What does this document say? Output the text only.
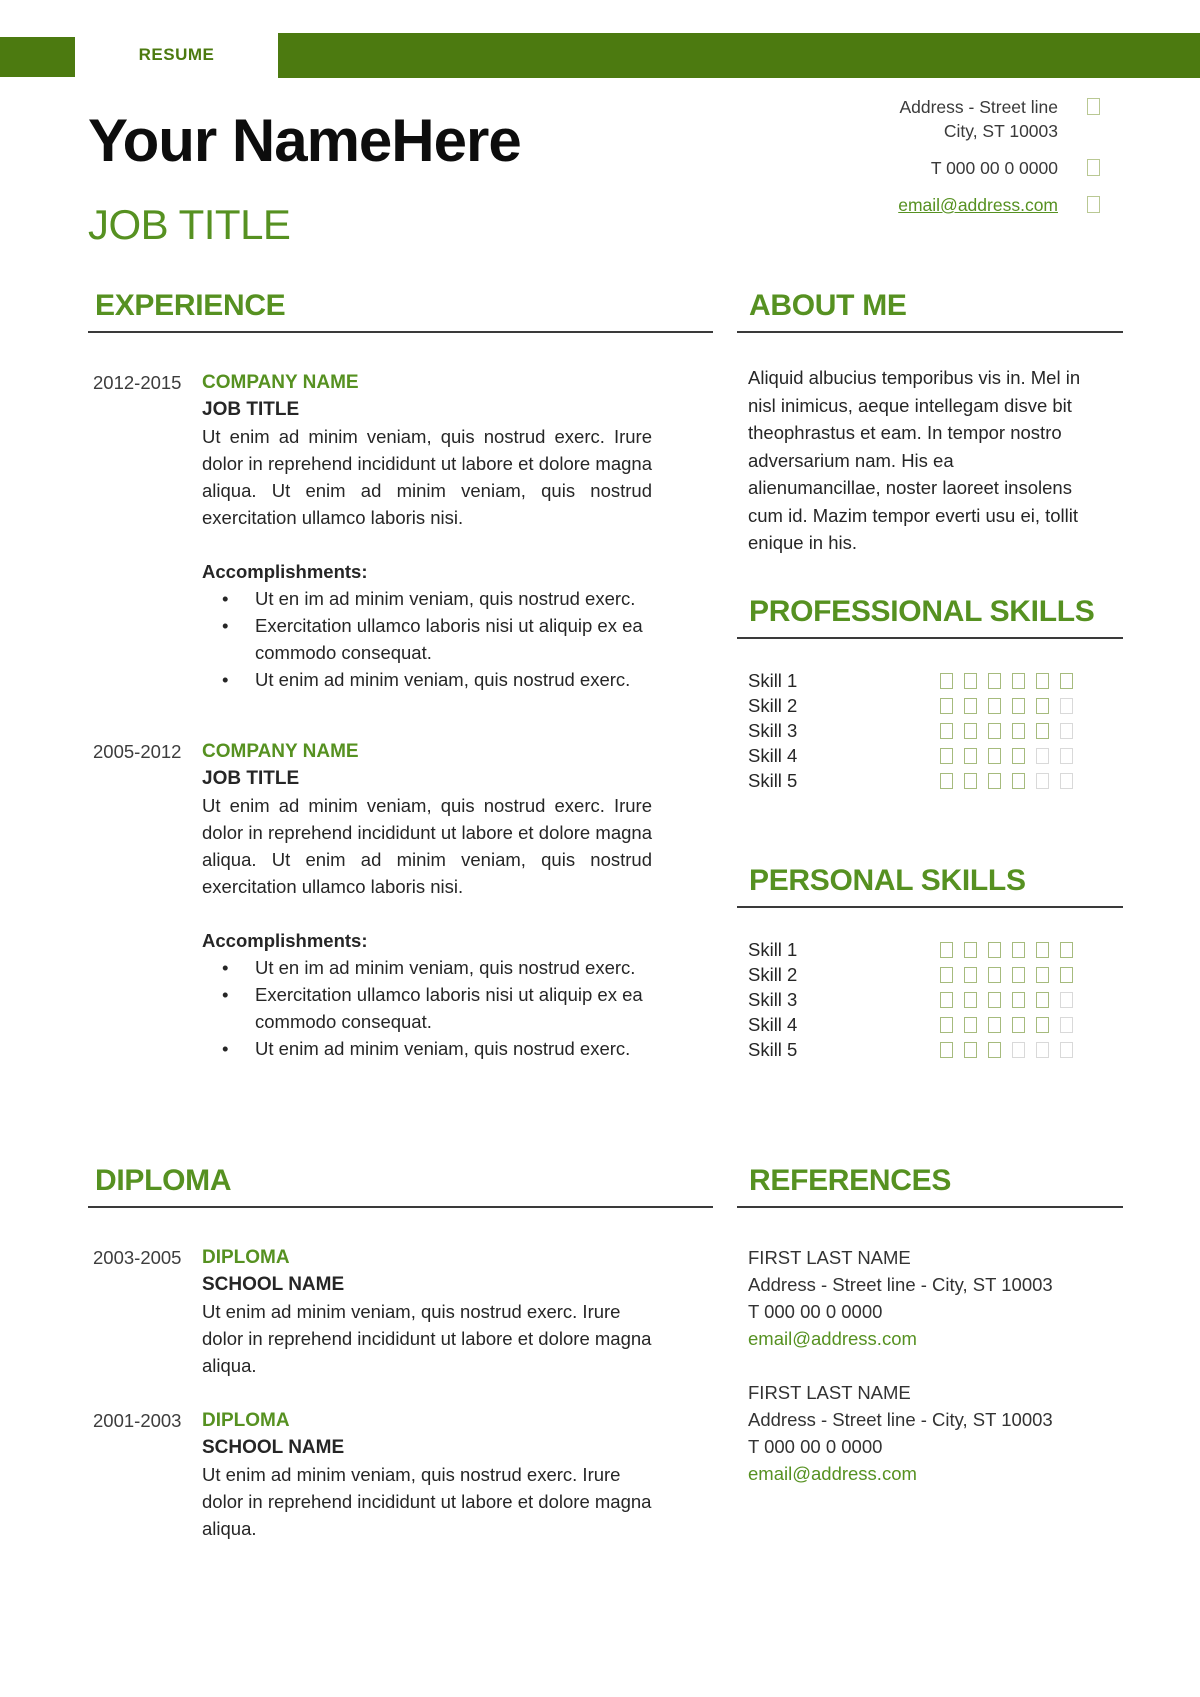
RESUME
Your NameHere
JOB TITLE
Address - Street line
City, ST 10003
T 000 00 0 0000
email@address.com
EXPERIENCE
2012-2015	COMPANY NAME
JOB TITLE

Ut enim ad minim veniam, quis nostrud exerc. Irure dolor in reprehend incididunt ut labore et dolore magna aliqua. Ut enim ad minim veniam, quis nostrud exercitation ullamco laboris nisi.

Accomplishments:
• Ut en im ad minim veniam, quis nostrud exerc.
• Exercitation ullamco laboris nisi ut aliquip ex ea commodo consequat.
• Ut enim ad minim veniam, quis nostrud exerc.
2005-2012	COMPANY NAME
JOB TITLE

Ut enim ad minim veniam, quis nostrud exerc. Irure dolor in reprehend incididunt ut labore et dolore magna aliqua. Ut enim ad minim veniam, quis nostrud exercitation ullamco laboris nisi.

Accomplishments:
• Ut en im ad minim veniam, quis nostrud exerc.
• Exercitation ullamco laboris nisi ut aliquip ex ea commodo consequat.
• Ut enim ad minim veniam, quis nostrud exerc.
ABOUT ME

Aliquid albucius temporibus vis in. Mel in nisl inimicus, aeque intellegam disve bit theophrastus et eam. In tempor nostro adversarium nam. His ea alienumancillae, noster laoreet insolens cum id. Mazim tempor everti usu ei, tollit enique in his.

PROFESSIONAL SKILLS
Skill 1
Skill 2
Skill 3
Skill 4
Skill 5
PERSONAL SKILLS
Skill 1
Skill 2
Skill 3
Skill 4
Skill 5
DIPLOMA
2003-2005	DIPLOMA
SCHOOL NAME

Ut enim ad minim veniam, quis nostrud exerc. Irure dolor in reprehend incididunt ut labore et dolore magna aliqua.

2001-2003	DIPLOMA
SCHOOL NAME

Ut enim ad minim veniam, quis nostrud exerc. Irure dolor in reprehend incididunt ut labore et dolore magna aliqua.

REFERENCES
FIRST LAST NAME
Address - Street line - City, ST 10003
T 000 00 0 0000
email@address.com
FIRST LAST NAME
Address - Street line - City, ST 10003
T 000 00 0 0000
email@address.com
